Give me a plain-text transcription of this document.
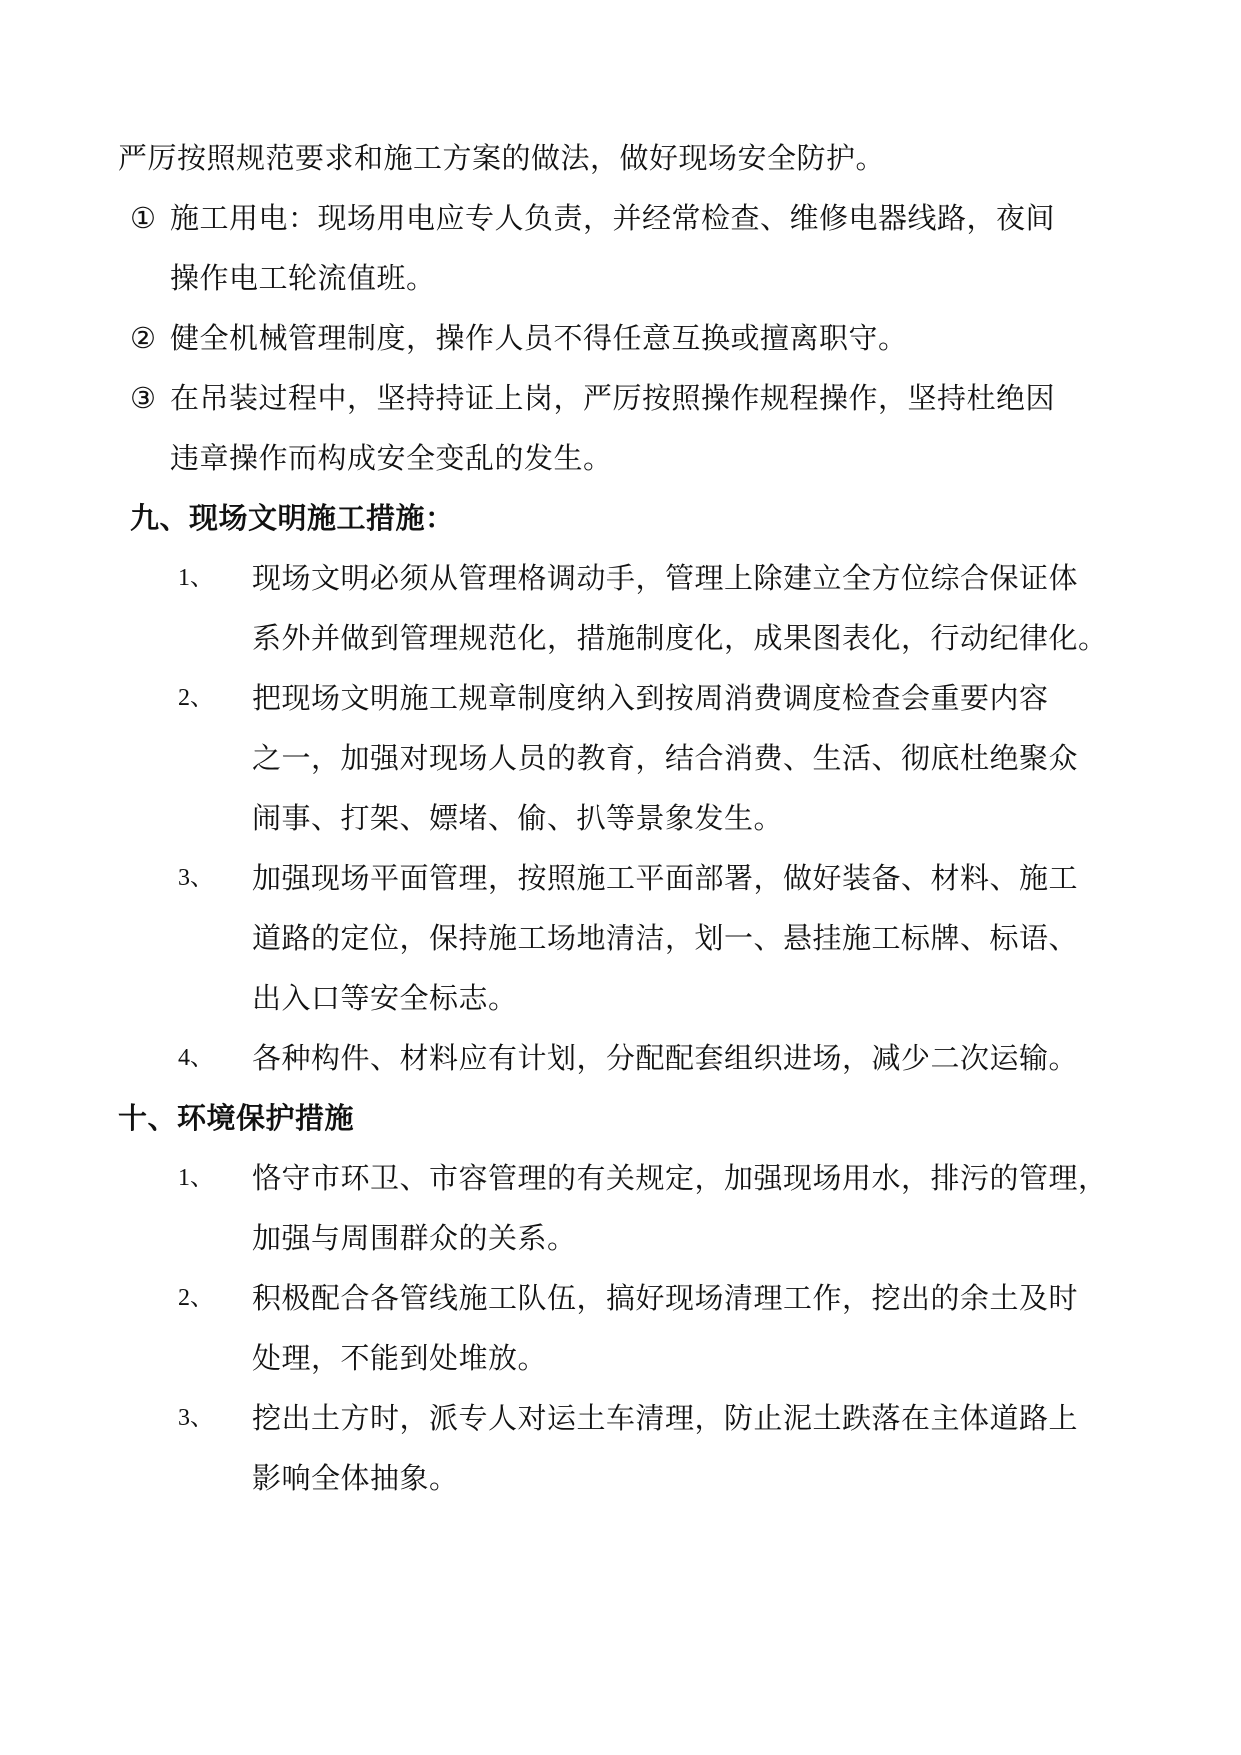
严厉按照规范要求和施工方案的做法，做好现场安全防护。
① 施工用电：现场用电应专人负责，并经常检查、维修电器线路，夜间
操作电工轮流值班。
② 健全机械管理制度，操作人员不得任意互换或擅离职守。
③ 在吊装过程中，坚持持证上岗，严厉按照操作规程操作，坚持杜绝因
违章操作而构成安全变乱的发生。
九、现场文明施工措施：
1、 现场文明必须从管理格调动手，管理上除建立全方位综合保证体
系外并做到管理规范化，措施制度化，成果图表化，行动纪律化。
2、 把现场文明施工规章制度纳入到按周消费调度检查会重要内容
之一，加强对现场人员的教育，结合消费、生活、彻底杜绝聚众
闹事、打架、嫖堵、偷、扒等景象发生。
3、 加强现场平面管理，按照施工平面部署，做好装备、材料、施工
道路的定位，保持施工场地清洁，划一、悬挂施工标牌、标语、
出入口等安全标志。
4、 各种构件、材料应有计划，分配配套组织进场，减少二次运输。
十、环境保护措施
1、 恪守市环卫、市容管理的有关规定，加强现场用水，排污的管理，
加强与周围群众的关系。
2、 积极配合各管线施工队伍，搞好现场清理工作，挖出的余土及时
处理，不能到处堆放。
3、 挖出土方时，派专人对运土车清理，防止泥土跌落在主体道路上
影响全体抽象。
